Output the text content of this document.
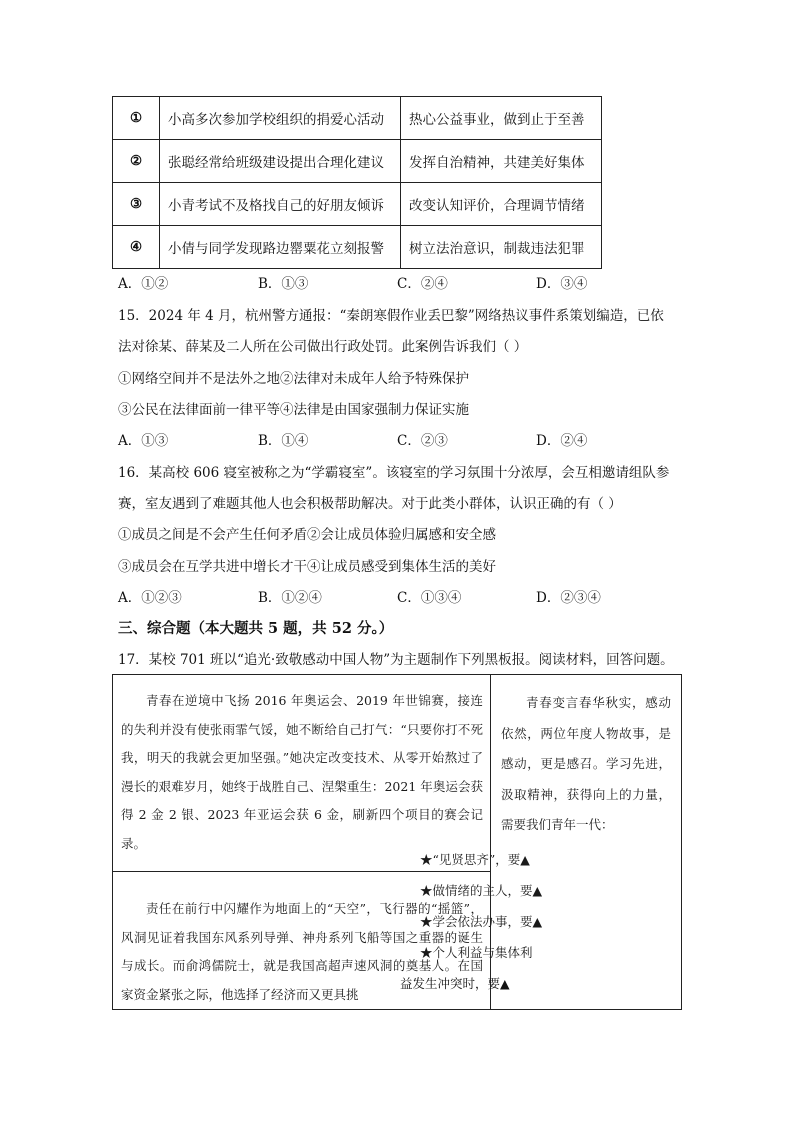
①	小高多次参加学校组织的捐爱心活动	热心公益事业，做到止于至善
②	张聪经常给班级建设提出合理化建议	发挥自治精神，共建美好集体
③	小青考试不及格找自己的好朋友倾诉	改变认知评价，合理调节情绪
④	小倩与同学发现路边罂粟花立刻报警	树立法治意识，制裁违法犯罪
A．①②	B．①③	C．②④	D．③④
15．2024 年 4 月，杭州警方通报：“秦朗寒假作业丢巴黎”网络热议事件系策划编造，已依
法对徐某、薛某及二人所在公司做出行政处罚。此案例告诉我们（ ）
①网络空间并不是法外之地②法律对未成年人给予特殊保护
③公民在法律面前一律平等④法律是由国家强制力保证实施
A．①③	B．①④	C．②③	D．②④
16．某高校 606 寝室被称之为“学霸寝室”。该寝室的学习氛围十分浓厚，会互相邀请组队参
赛，室友遇到了难题其他人也会积极帮助解决。对于此类小群体，认识正确的有（ ）
①成员之间是不会产生任何矛盾②会让成员体验归属感和安全感
③成员会在互学共进中增长才干④让成员感受到集体生活的美好
A．①②③	B．①②④	C．①③④	D．②③④
三、综合题（本大题共 5 题，共 52 分。）
17．某校 701 班以“追光·致敬感动中国人物”为主题制作下列黑板报。阅读材料，回答问题。
青春在逆境中飞扬 2016 年奥运会、2019 年世锦赛，接连的失利并没有使张雨霏气馁，她不断给自己打气：“只要你打不死我，明天的我就会更加坚强。”她决定改变技术、从零开始熬过了漫长的艰难岁月，她终于战胜自己、涅槃重生：2021 年奥运会获得 2 金 2 银、2023 年亚运会获 6 金，刷新四个项目的赛会记录。
责任在前行中闪耀作为地面上的“天空”，飞行器的“摇篮”，风洞见证着我国东风系列导弹、神舟系列飞船等国之重器的诞生与成长。而俞鸿儒院士，就是我国高超声速风洞的奠基人。在国家资金紧张之际，他选择了经济而又更具挑
青春变言春华秋实，感动依然，两位年度人物故事，是感动，更是感召。学习先进，汲取精神，获得向上的力量，需要我们青年一代：
★“见贤思齐”，要▲
★做情绪的主人，要▲
★学会依法办事，要▲
★个人利益与集体利
益发生冲突时，要▲
